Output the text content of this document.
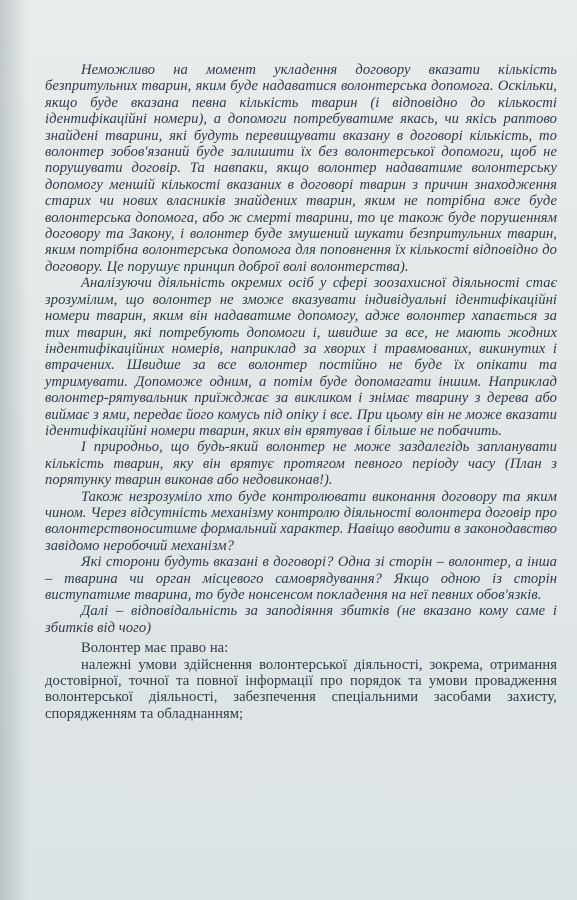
Неможливо на момент укладення договору вказати кількість безпритульних тварин, яким буде надаватися волонтерська допомога. Оскільки, якщо буде вказана певна кількість тварин (і відповідно до кількості ідентифікаційні номери), а допомоги потребуватиме якась, чи якісь раптово знайдені тварини, які будуть перевищувати вказану в договорі кількість, то волонтер зобов'язаний буде залишити їх без волонтерської допомоги, щоб не порушувати договір. Та навпаки, якщо волонтер надаватиме волонтерську допомогу меншій кількості вказаних в договорі тварин з причин знаходження старих чи нових власників знайдених тварин, яким не потрібна вже буде волонтерська допомога, або ж смерті тварини, то це також буде порушенням договору та Закону, і волонтер буде змушений шукати безпритульних тварин, яким потрібна волонтерська допомога для поповнення їх кількості відповідно до договору. Це порушує принцип доброї волі волонтерства).

Аналізуючи діяльність окремих осіб у сфері зоозахисної діяльності стає зрозумілим, що волонтер не зможе вказувати індивідуальні ідентифікаційні номери тварин, яким він надаватиме допомогу, адже волонтер хапається за тих тварин, які потребують допомоги і, швидше за все, не мають жодних індентифікаційних номерів, наприклад за хворих і травмованих, викинутих і втрачених. Швидше за все волонтер постійно не буде їх опікати та утримувати. Допоможе одним, а потім буде допомагати іншим. Наприклад волонтер-рятувальник приїжджає за викликом і знімає тварину з дерева або виймає з ями, передає його комусь під опіку і все. При цьому він не може вказати ідентифікаційні номери тварин, яких він врятував і більше не побачить.

І природньо, що будь-який волонтер не може заздалегідь запланувати кількість тварин, яку він врятує протягом певного періоду часу (План з порятунку тварин виконав або недовиконав!).

Також незрозуміло хто буде контролювати виконання договору та яким чином. Через відсутність механізму контролю діяльності волонтера договір про волонтерствоноситиме формальний характер. Навіщо вводити в законодавство завідомо неробочий механізм?

Які сторони будуть вказані в договорі? Одна зі сторін – волонтер, а інша – тварина чи орган місцевого самоврядування? Якщо одною із сторін виступатиме тварина, то буде нонсенсом покладення на неї певних обов'язків.

Далі – відповідальність за заподіяння збитків (не вказано кому саме і збитків від чого)

Волонтер має право на:

належні умови здійснення волонтерської діяльності, зокрема, отримання достовірної, точної та повної інформації про порядок та умови провадження волонтерської діяльності, забезпечення спеціальними засобами захисту, спорядженням та обладнанням;
